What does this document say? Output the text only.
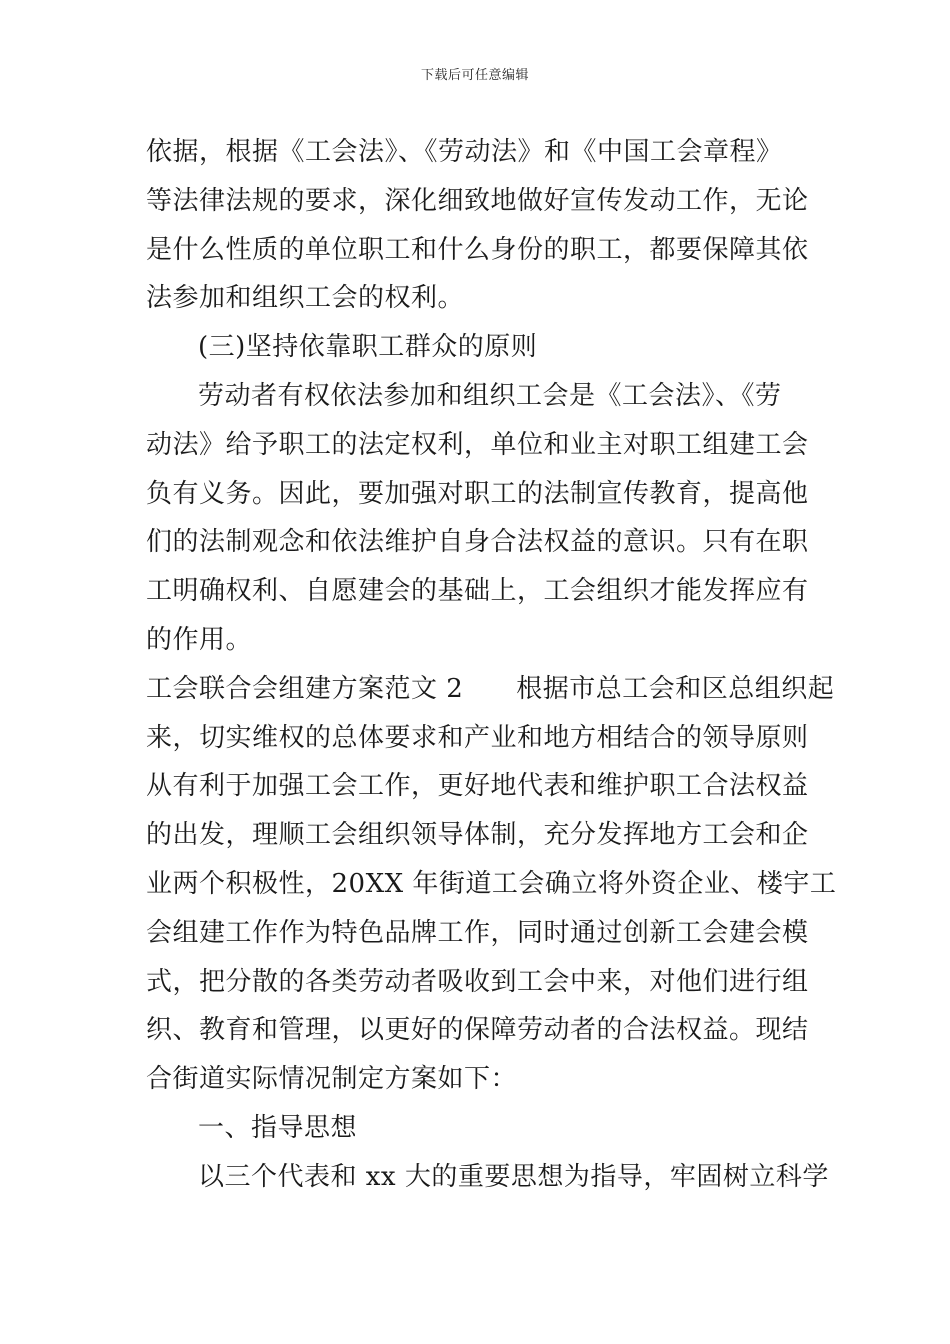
下载后可任意编辑
依据，根据《工会法》、《劳动法》和《中国工会章程》
等法律法规的要求，深化细致地做好宣传发动工作，无论
是什么性质的单位职工和什么身份的职工，都要保障其依
法参加和组织工会的权利。
(三)坚持依靠职工群众的原则
劳动者有权依法参加和组织工会是《工会法》、《劳
动法》给予职工的法定权利，单位和业主对职工组建工会
负有义务。因此，要加强对职工的法制宣传教育，提高他
们的法制观念和依法维护自身合法权益的意识。只有在职
工明确权利、自愿建会的基础上，工会组织才能发挥应有
的作用。
工会联合会组建方案范文 2　　根据市总工会和区总组织起
来，切实维权的总体要求和产业和地方相结合的领导原则
从有利于加强工会工作，更好地代表和维护职工合法权益
的出发，理顺工会组织领导体制，充分发挥地方工会和企
业两个积极性，20XX 年街道工会确立将外资企业、楼宇工
会组建工作作为特色品牌工作，同时通过创新工会建会模
式，把分散的各类劳动者吸收到工会中来，对他们进行组
织、教育和管理，以更好的保障劳动者的合法权益。现结
合街道实际情况制定方案如下：
一、指导思想
以三个代表和 xx 大的重要思想为指导，牢固树立科学
